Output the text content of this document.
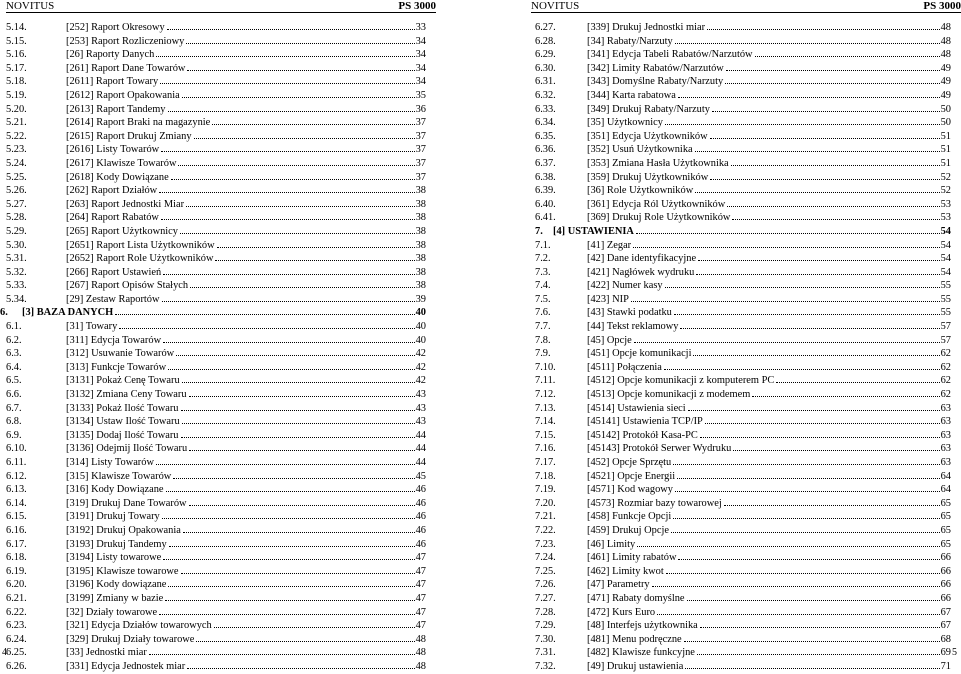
NOVITUS	PS 3000
5.14.	[252] Raport Okresowy	33
5.15.	[253] Raport Rozliczeniowy	34
5.16.	[26] Raporty Danych	34
5.17.	[261] Raport Dane Towarów	34
5.18.	[2611] Raport Towary	34
5.19.	[2612] Raport Opakowania	35
5.20.	[2613] Raport Tandemy	36
5.21.	[2614] Raport Braki na magazynie	37
5.22.	[2615] Raport Drukuj Zmiany	37
5.23.	[2616] Listy Towarów	37
5.24.	[2617] Klawisze Towarów	37
5.25.	[2618] Kody Dowiązane	37
5.26.	[262] Raport Działów	38
5.27.	[263] Raport Jednostki Miar	38
5.28.	[264] Raport Rabatów	38
5.29.	[265] Raport Użytkownicy	38
5.30.	[2651] Raport Lista Użytkowników	38
5.31.	[2652] Raport Role Użytkowników	38
5.32.	[266] Raport Ustawień	38
5.33.	[267] Raport Opisów Stałych	38
5.34.	[29] Zestaw Raportów	39
6.	[3] BAZA DANYCH	40
6.1.	[31] Towary	40
6.2.	[311] Edycja Towarów	40
6.3.	[312] Usuwanie Towarów	42
6.4.	[313] Funkcje Towarów	42
6.5.	[3131] Pokaż Cenę Towaru	42
6.6.	[3132] Zmiana Ceny Towaru	43
6.7.	[3133] Pokaż Ilość Towaru	43
6.8.	[3134] Ustaw Ilość Towaru	43
6.9.	[3135] Dodaj Ilość Towaru	44
6.10.	[3136] Odejmij Ilość Towaru	44
6.11.	[314] Listy Towarów	44
6.12.	[315] Klawisze Towarów	45
6.13.	[316] Kody Dowiązane	46
6.14.	[319] Drukuj Dane Towarów	46
6.15.	[3191] Drukuj Towary	46
6.16.	[3192] Drukuj Opakowania	46
6.17.	[3193] Drukuj Tandemy	46
6.18.	[3194] Listy towarowe	47
6.19.	[3195] Klawisze towarowe	47
6.20.	[3196] Kody dowiązane	47
6.21.	[3199] Zmiany w bazie	47
6.22.	[32] Działy towarowe	47
6.23.	[321] Edycja Działów towarowych	47
6.24.	[329] Drukuj Działy towarowe	48
6.25.	[33] Jednostki miar	48
6.26.	[331] Edycja Jednostek miar	48
4
NOVITUS	PS 3000
6.27.	[339] Drukuj Jednostki miar	48
6.28.	[34] Rabaty/Narzuty	48
6.29.	[341] Edycja Tabeli Rabatów/Narzutów	48
6.30.	[342] Limity Rabatów/Narzutów	49
6.31.	[343] Domyślne Rabaty/Narzuty	49
6.32.	[344] Karta rabatowa	49
6.33.	[349] Drukuj Rabaty/Narzuty	50
6.34.	[35] Użytkownicy	50
6.35.	[351] Edycja Użytkowników	51
6.36.	[352] Usuń Użytkownika	51
6.37.	[353] Zmiana Hasła Użytkownika	51
6.38.	[359] Drukuj Użytkowników	52
6.39.	[36] Role Użytkowników	52
6.40.	[361] Edycja Ról Użytkowników	53
6.41.	[369] Drukuj Role Użytkowników	53
7. [4] USTAWIENIA	54
7.1.	[41] Zegar	54
7.2.	[42] Dane identyfikacyjne	54
7.3.	[421] Nagłówek wydruku	54
7.4.	[422] Numer kasy	55
7.5.	[423] NIP	55
7.6.	[43] Stawki podatku	55
7.7.	[44] Tekst reklamowy	57
7.8.	[45] Opcje	57
7.9.	[451] Opcje komunikacji	62
7.10.	[4511] Połączenia	62
7.11.	[4512] Opcje komunikacji z komputerem PC	62
7.12.	[4513] Opcje komunikacji z modemem	62
7.13.	[4514] Ustawienia sieci	63
7.14.	[45141] Ustawienia TCP/IP	63
7.15.	[45142] Protokół Kasa-PC	63
7.16.	[45143] Protokół Serwer Wydruku	63
7.17.	[452] Opcje Sprzętu	63
7.18.	[4521] Opcje Energii	64
7.19.	[4571] Kod wagowy	64
7.20.	[4573] Rozmiar bazy towarowej	65
7.21.	[458] Funkcje Opcji	65
7.22.	[459] Drukuj Opcje	65
7.23.	[46] Limity	65
7.24.	[461] Limity rabatów	66
7.25.	[462] Limity kwot	66
7.26.	[47] Parametry	66
7.27.	[471] Rabaty domyślne	66
7.28.	[472] Kurs Euro	67
7.29.	[48] Interfejs użytkownika	67
7.30.	[481] Menu podręczne	68
7.31.	[482] Klawisze funkcyjne	69
7.32.	[49] Drukuj ustawienia	71
5
